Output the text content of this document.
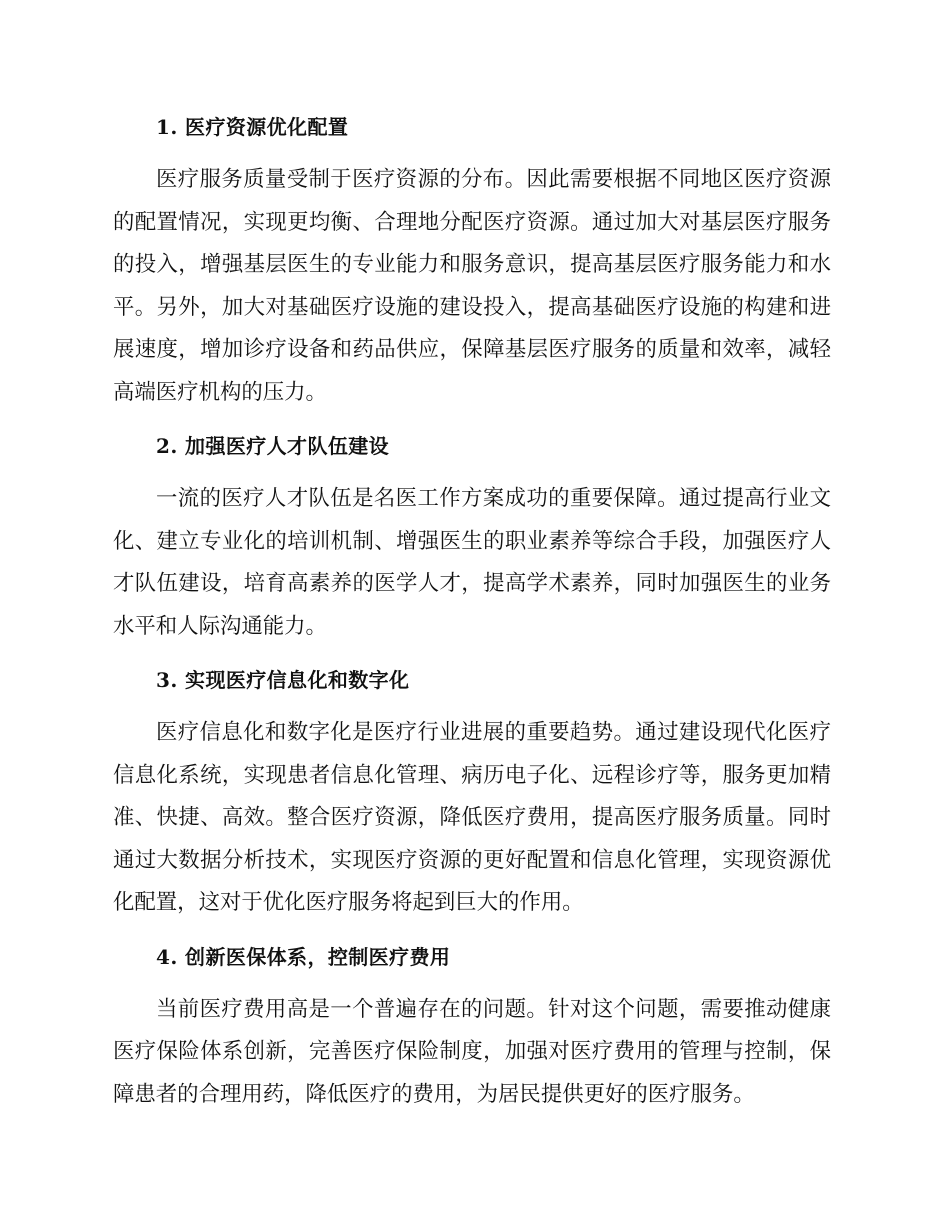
1. 医疗资源优化配置

医疗服务质量受制于医疗资源的分布。因此需要根据不同地区医疗资源的配置情况，实现更均衡、合理地分配医疗资源。通过加大对基层医疗服务的投入，增强基层医生的专业能力和服务意识，提高基层医疗服务能力和水平。另外，加大对基础医疗设施的建设投入，提高基础医疗设施的构建和进展速度，增加诊疗设备和药品供应，保障基层医疗服务的质量和效率，减轻高端医疗机构的压力。

2. 加强医疗人才队伍建设

一流的医疗人才队伍是名医工作方案成功的重要保障。通过提高行业文化、建立专业化的培训机制、增强医生的职业素养等综合手段，加强医疗人才队伍建设，培育高素养的医学人才，提高学术素养，同时加强医生的业务水平和人际沟通能力。

3. 实现医疗信息化和数字化

医疗信息化和数字化是医疗行业进展的重要趋势。通过建设现代化医疗信息化系统，实现患者信息化管理、病历电子化、远程诊疗等，服务更加精准、快捷、高效。整合医疗资源，降低医疗费用，提高医疗服务质量。同时通过大数据分析技术，实现医疗资源的更好配置和信息化管理，实现资源优化配置，这对于优化医疗服务将起到巨大的作用。

4. 创新医保体系，控制医疗费用

当前医疗费用高是一个普遍存在的问题。针对这个问题，需要推动健康医疗保险体系创新，完善医疗保险制度，加强对医疗费用的管理与控制，保障患者的合理用药，降低医疗的费用，为居民提供更好的医疗服务。
